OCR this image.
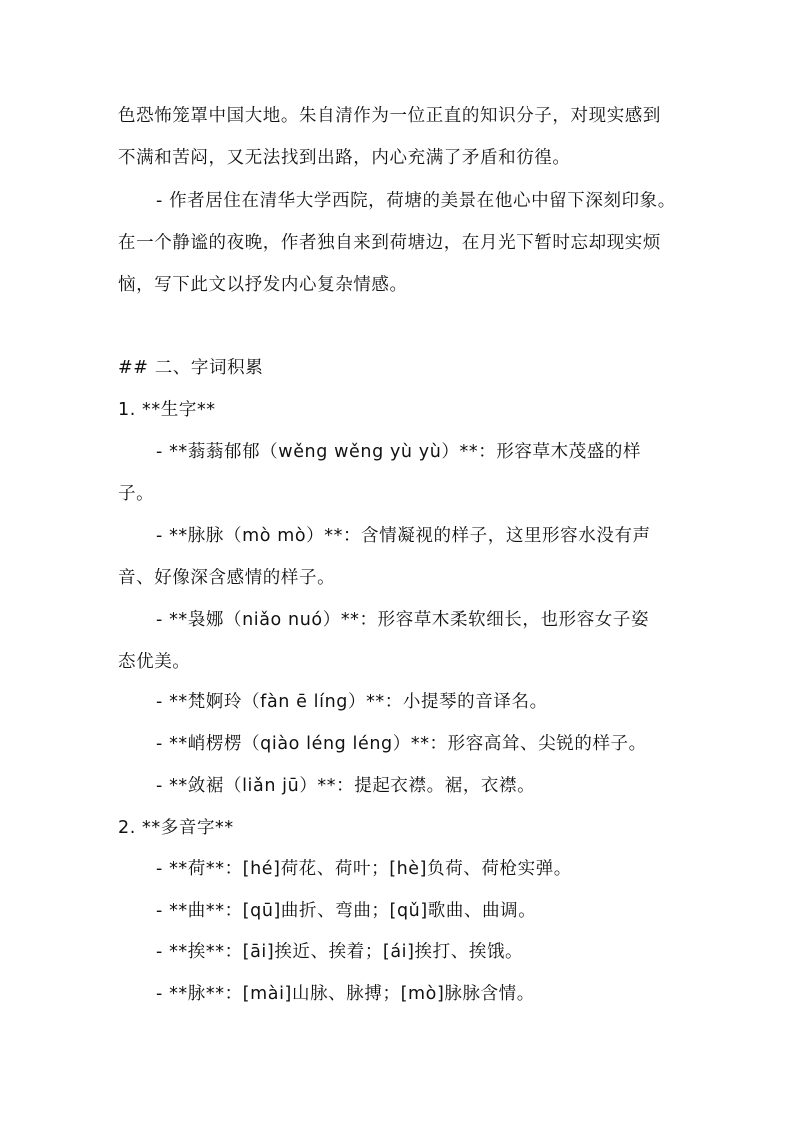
色恐怖笼罩中国大地。朱自清作为一位正直的知识分子，对现实感到
不满和苦闷，又无法找到出路，内心充满了矛盾和彷徨。
- 作者居住在清华大学西院，荷塘的美景在他心中留下深刻印象。
在一个静谧的夜晚，作者独自来到荷塘边，在月光下暂时忘却现实烦
恼，写下此文以抒发内心复杂情感。
## 二、字词积累
1. **生字**
- **蓊蓊郁郁（wěng wěng yù yù）**：形容草木茂盛的样
子。
- **脉脉（mò mò）**：含情凝视的样子，这里形容水没有声
音、好像深含感情的样子。
- **袅娜（niǎo nuó）**：形容草木柔软细长，也形容女子姿
态优美。
- **梵婀玲（fàn ē líng）**：小提琴的音译名。
- **峭楞楞（qiào léng léng）**：形容高耸、尖锐的样子。
- **敛裾（liǎn jū）**：提起衣襟。裾，衣襟。
2. **多音字**
- **荷**：[hé]荷花、荷叶；[hè]负荷、荷枪实弹。
- **曲**：[qū]曲折、弯曲；[qǔ]歌曲、曲调。
- **挨**：[āi]挨近、挨着；[ái]挨打、挨饿。
- **脉**：[mài]山脉、脉搏；[mò]脉脉含情。
